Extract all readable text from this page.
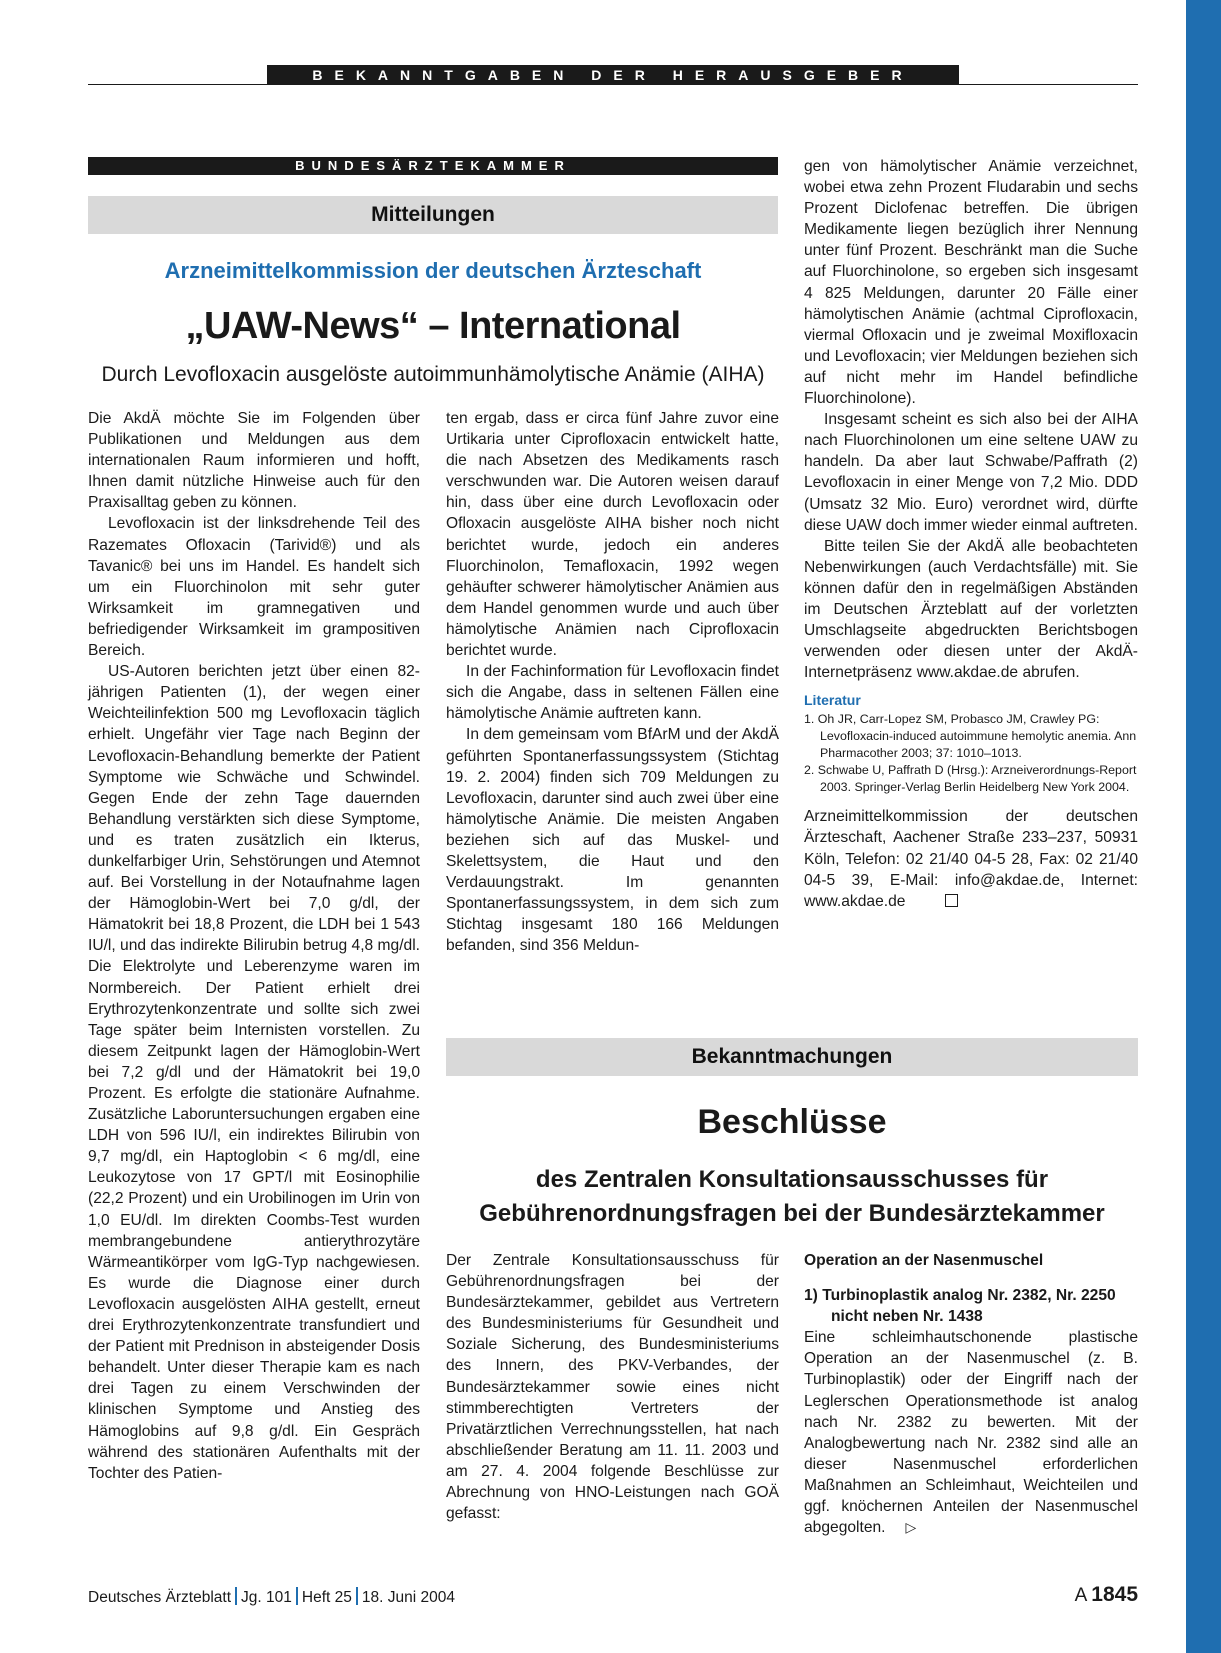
BEKANNTGABEN DER HERAUSGEBER
BUNDESÄRZTEKAMMER
Mitteilungen
Arzneimittelkommission der deutschen Ärzteschaft
„UAW-News“ – International
Durch Levofloxacin ausgelöste autoimmunhämolytische Anämie (AIHA)

Die AkdÄ möchte Sie im Folgenden über Publikationen und Meldungen aus dem internationalen Raum informieren und hofft, Ihnen damit nützliche Hinweise auch für den Praxisalltag geben zu können.

Levofloxacin ist der linksdrehende Teil des Razemates Ofloxacin (Tarivid®) und als Tavanic® bei uns im Handel. Es handelt sich um ein Fluorchinolon mit sehr guter Wirksamkeit im gramnegativen und befriedigender Wirksamkeit im grampositiven Bereich.

US-Autoren berichten jetzt über einen 82-jährigen Patienten (1), der wegen einer Weichteilinfektion 500 mg Levofloxacin täglich erhielt. Ungefähr vier Tage nach Beginn der Levofloxacin-Behandlung bemerkte der Patient Symptome wie Schwäche und Schwindel. Gegen Ende der zehn Tage dauernden Behandlung verstärkten sich diese Symptome, und es traten zusätzlich ein Ikterus, dunkelfarbiger Urin, Sehstörungen und Atemnot auf. Bei Vorstellung in der Notaufnahme lagen der Hämoglobin-Wert bei 7,0 g/dl, der Hämatokrit bei 18,8 Prozent, die LDH bei 1 543 IU/l, und das indirekte Bilirubin betrug 4,8 mg/dl. Die Elektrolyte und Leberenzyme waren im Normbereich. Der Patient erhielt drei Erythrozytenkonzentrate und sollte sich zwei Tage später beim Internisten vorstellen. Zu diesem Zeitpunkt lagen der Hämoglobin-Wert bei 7,2 g/dl und der Hämatokrit bei 19,0 Prozent. Es erfolgte die stationäre Aufnahme. Zusätzliche Laboruntersuchungen ergaben eine LDH von 596 IU/l, ein indirektes Bilirubin von 9,7 mg/dl, ein Haptoglobin < 6 mg/dl, eine Leukozytose von 17 GPT/l mit Eosinophilie (22,2 Prozent) und ein Urobilinogen im Urin von 1,0 EU/dl. Im direkten Coombs-Test wurden membrangebundene antierythrozytäre Wärmeantikörper vom IgG-Typ nachgewiesen. Es wurde die Diagnose einer durch Levofloxacin ausgelösten AIHA gestellt, erneut drei Erythrozytenkonzentrate transfundiert und der Patient mit Prednison in absteigender Dosis behandelt. Unter dieser Therapie kam es nach drei Tagen zu einem Verschwinden der klinischen Symptome und Anstieg des Hämoglobins auf 9,8 g/dl. Ein Gespräch während des stationären Aufenthalts mit der Tochter des Patien-

ten ergab, dass er circa fünf Jahre zuvor eine Urtikaria unter Ciprofloxacin entwickelt hatte, die nach Absetzen des Medikaments rasch verschwunden war. Die Autoren weisen darauf hin, dass über eine durch Levofloxacin oder Ofloxacin ausgelöste AIHA bisher noch nicht berichtet wurde, jedoch ein anderes Fluorchinolon, Temafloxacin, 1992 wegen gehäufter schwerer hämolytischer Anämien aus dem Handel genommen wurde und auch über hämolytische Anämien nach Ciprofloxacin berichtet wurde.

In der Fachinformation für Levofloxacin findet sich die Angabe, dass in seltenen Fällen eine hämolytische Anämie auftreten kann.

In dem gemeinsam vom BfArM und der AkdÄ geführten Spontanerfassungssystem (Stichtag 19. 2. 2004) finden sich 709 Meldungen zu Levofloxacin, darunter sind auch zwei über eine hämolytische Anämie. Die meisten Angaben beziehen sich auf das Muskel- und Skelettsystem, die Haut und den Verdauungstrakt. Im genannten Spontanerfassungssystem, in dem sich zum Stichtag insgesamt 180 166 Meldungen befanden, sind 356 Meldun-

gen von hämolytischer Anämie verzeichnet, wobei etwa zehn Prozent Fludarabin und sechs Prozent Diclofenac betreffen. Die übrigen Medikamente liegen bezüglich ihrer Nennung unter fünf Prozent. Beschränkt man die Suche auf Fluorchinolone, so ergeben sich insgesamt 4 825 Meldungen, darunter 20 Fälle einer hämolytischen Anämie (achtmal Ciprofloxacin, viermal Ofloxacin und je zweimal Moxifloxacin und Levofloxacin; vier Meldungen beziehen sich auf nicht mehr im Handel befindliche Fluorchinolone).

Insgesamt scheint es sich also bei der AIHA nach Fluorchinolonen um eine seltene UAW zu handeln. Da aber laut Schwabe/Paffrath (2) Levofloxacin in einer Menge von 7,2 Mio. DDD (Umsatz 32 Mio. Euro) verordnet wird, dürfte diese UAW doch immer wieder einmal auftreten.

Bitte teilen Sie der AkdÄ alle beobachteten Nebenwirkungen (auch Verdachtsfälle) mit. Sie können dafür den in regelmäßigen Abständen im Deutschen Ärzteblatt auf der vorletzten Umschlagseite abgedruckten Berichtsbogen verwenden oder diesen unter der AkdÄ-Internetpräsenz www.akdae.de abrufen.

Literatur
1. Oh JR, Carr-Lopez SM, Probasco JM, Crawley PG: Levofloxacin-induced autoimmune hemolytic anemia. Ann Pharmacother 2003; 37: 1010–1013.
2. Schwabe U, Paffrath D (Hrsg.): Arzneiverordnungs-Report 2003. Springer-Verlag Berlin Heidelberg New York 2004.

Arzneimittelkommission der deutschen Ärzteschaft, Aachener Straße 233–237, 50931 Köln, Telefon: 02 21/40 04-5 28, Fax: 02 21/40 04-5 39, E-Mail: info@akdae.de, Internet: www.akdae.de

Bekanntmachungen
Beschlüsse
des Zentralen Konsultationsausschusses für
Gebührenordnungsfragen bei der Bundesärztekammer

Der Zentrale Konsultationsausschuss für Gebührenordnungsfragen bei der Bundesärztekammer, gebildet aus Vertretern des Bundesministeriums für Gesundheit und Soziale Sicherung, des Bundesministeriums des Innern, des PKV-Verbandes, der Bundesärztekammer sowie eines nicht stimmberechtigten Vertreters der Privatärztlichen Verrechnungsstellen, hat nach abschließender Beratung am 11. 11. 2003 und am 27. 4. 2004 folgende Beschlüsse zur Abrechnung von HNO-Leistungen nach GOÄ gefasst:

Operation an der Nasenmuschel
1) Turbinoplastik analog Nr. 2382, Nr. 2250 nicht neben Nr. 1438

Eine schleimhautschonende plastische Operation an der Nasenmuschel (z. B. Turbinoplastik) oder der Eingriff nach der Leglerschen Operationsmethode ist analog nach Nr. 2382 zu bewerten. Mit der Analogbewertung nach Nr. 2382 sind alle an dieser Nasenmuschel erforderlichen Maßnahmen an Schleimhaut, Weichteilen und ggf. knöchernen Anteilen der Nasenmuschel abgegolten. ▷

Deutsches Ärzteblatt Jg. 101 Heft 25 18. Juni 2004	A 1845
